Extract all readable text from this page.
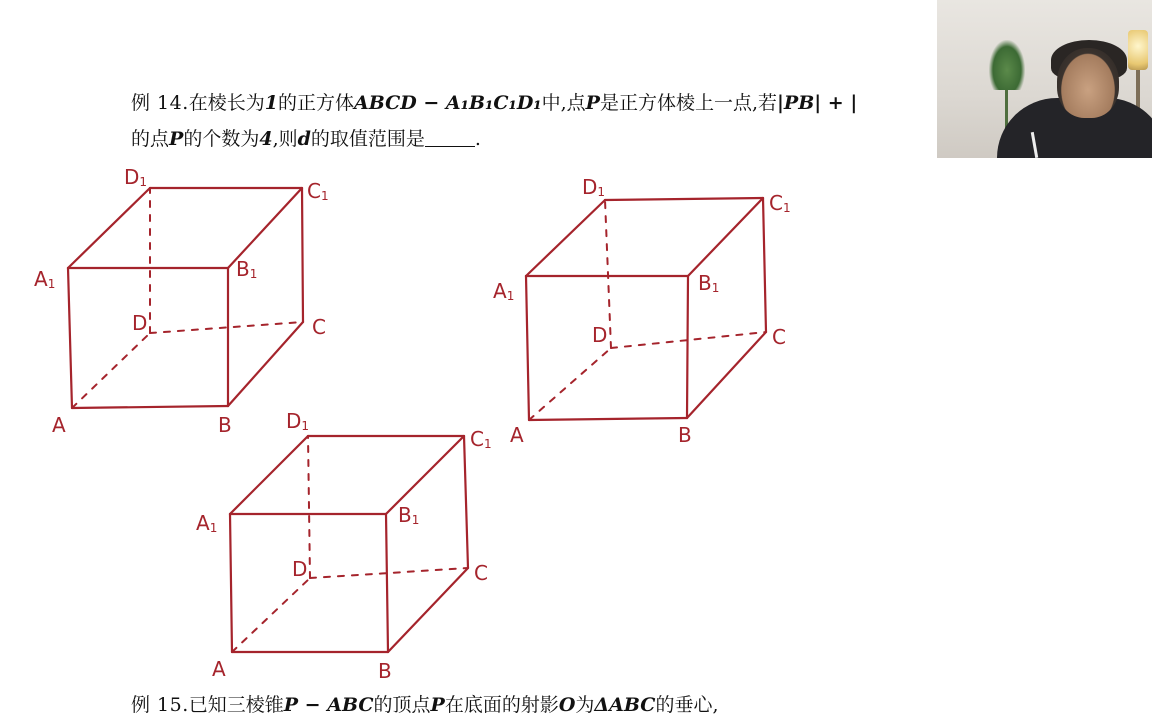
例 14.在棱长为1的正方体ABCD − A₁B₁C₁D₁中,点P是正方体棱上一点,若|PB| + |
的点P的个数为4,则d的取值范围是	.
A	B
C
D
A1
B1
C1
D1
A	B
C
D
A1
B1
C1
D1
A	B
C
D
A1
B1
C1
D1
例 15.已知三棱锥P − ABC的顶点P在底面的射影O为ΔABC的垂心,
